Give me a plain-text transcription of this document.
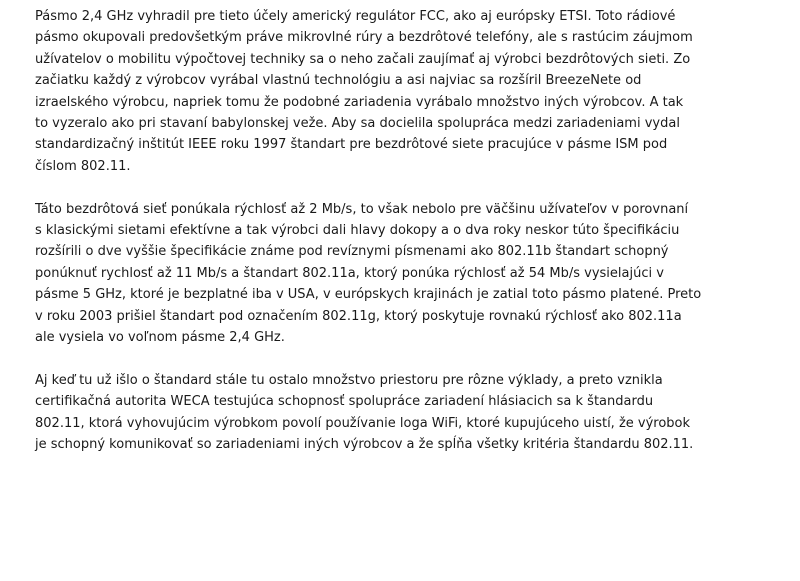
Pásmo 2,4 GHz vyhradil pre tieto účely americký regulátor FCC, ako aj európsky ETSI. Toto rádiové
pásmo okupovali predovšetkým práve mikrovlné rúry a bezdrôtové telefóny, ale s rastúcim záujmom
užívatelov o mobilitu výpočtovej techniky sa o neho začali zaujímať aj výrobci bezdrôtových sieti. Zo
začiatku každý z výrobcov vyrábal vlastnú technológiu a asi najviac sa rozšíril BreezeNete od
izraelského výrobcu, napriek tomu že podobné zariadenia vyrábalo množstvo iných výrobcov. A tak
to vyzeralo ako pri stavaní babylonskej veže. Aby sa docielila spolupráca medzi zariadeniami vydal
standardizačný inštitút IEEE roku 1997 štandart pre bezdrôtové siete pracujúce v pásme ISM pod
číslom 802.11.

Táto bezdrôtová sieť ponúkala rýchlosť až 2 Mb/s, to však nebolo pre väčšinu užívateľov v porovnaní
s klasickými sietami efektívne a tak výrobci dali hlavy dokopy a o dva roky neskor túto špecifikáciu
rozšírili o dve vyššie špecifikácie známe pod revíznymi písmenami ako 802.11b štandart schopný
ponúknuť rychlosť až 11 Mb/s a štandart 802.11a, ktorý ponúka rýchlosť až 54 Mb/s vysielajúci v
pásme 5 GHz, ktoré je bezplatné iba v USA, v európskych krajinách je zatial toto pásmo platené. Preto
v roku 2003 prišiel štandart pod označením 802.11g, ktorý poskytuje rovnakú rýchlosť ako 802.11a
ale vysiela vo voľnom pásme 2,4 GHz.

Aj keď tu už išlo o štandard stále tu ostalo množstvo priestoru pre rôzne výklady, a preto vznikla
certifikačná autorita WECA testujúca schopnosť spolupráce zariadení hlásiacich sa k štandardu
802.11, ktorá vyhovujúcim výrobkom povolí používanie loga WiFi, ktoré kupujúceho uistí, že výrobok
je schopný komunikovať so zariadeniami iných výrobcov a že spĺňa všetky kritéria štandardu 802.11.
